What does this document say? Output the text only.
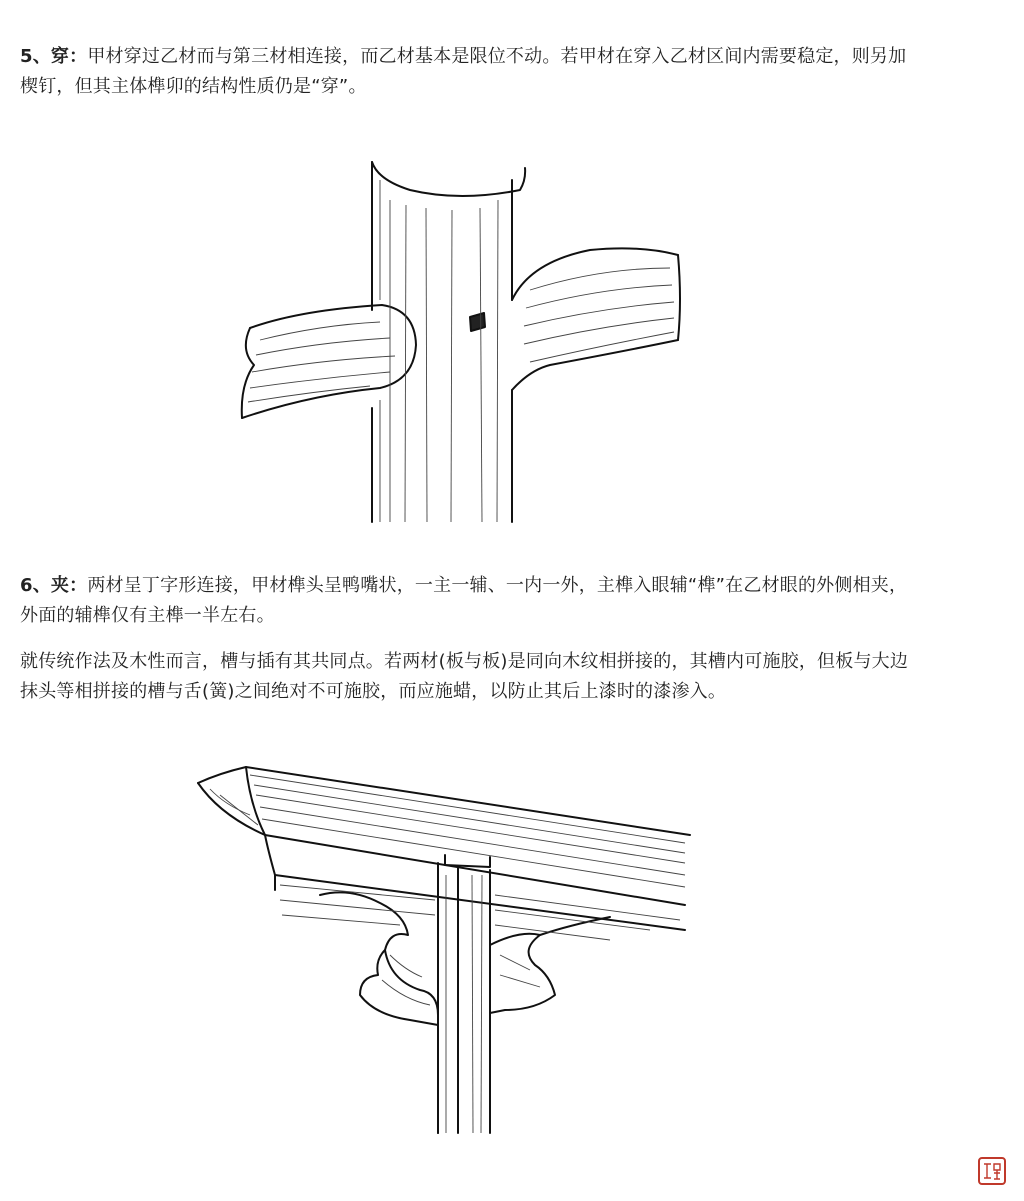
5、穿：甲材穿过乙材而与第三材相连接，而乙材基本是限位不动。若甲材在穿入乙材区间内需要稳定，则另加
楔钉，但其主体榫卯的结构性质仍是“穿”。
6、夹：两材呈丁字形连接，甲材榫头呈鸭嘴状，一主一辅、一内一外，主榫入眼辅“榫”在乙材眼的外侧相夹，
外面的辅榫仅有主榫一半左右。
就传统作法及木性而言，槽与插有其共同点。若两材(板与板)是同向木纹相拼接的，其槽内可施胶，但板与大边
抹头等相拼接的槽与舌(簧)之间绝对不可施胶，而应施蜡，以防止其后上漆时的漆渗入。
